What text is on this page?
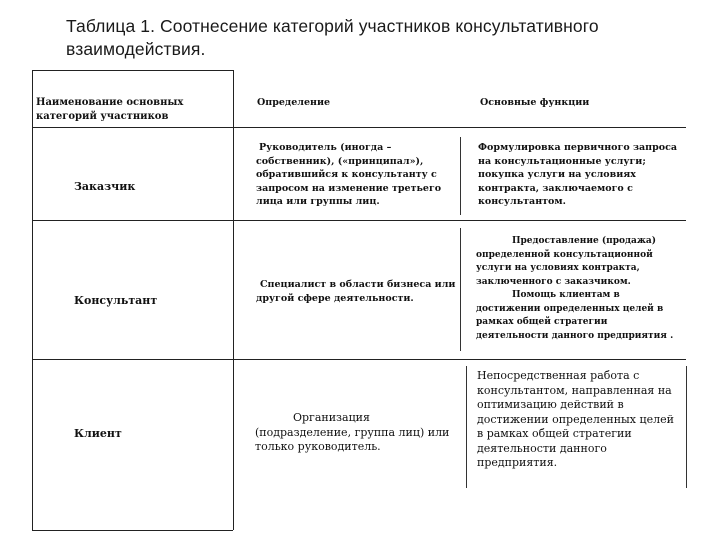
Таблица 1. Соотнесение категорий участников консультативного взаимодействия.
Наименование основных категорий участников
Определение	Основные функции
Заказчик
Руководитель (иногда – собственник), («принципал»), обратившийся к консультанту с запросом на изменение третьего лица или группы лиц.
Формулировка первичного запроса на консультационные услуги; покупка услуги на условиях контракта, заключаемого с консультантом.
Консультант
Специалист в области бизнеса или другой сфере деятельности.
Предоставление (продажа) определенной консультационной услуги на условиях контракта, заключенного с заказчиком.
Помощь клиентам в достижении определенных целей в рамках общей стратегии деятельности данного предприятия .
Клиент
Организация (подразделение, группа лиц) или только руководитель.
Непосредственная работа с консультантом, направленная на оптимизацию действий в достижении определенных целей в рамках общей стратегии деятельности данного предприятия.
